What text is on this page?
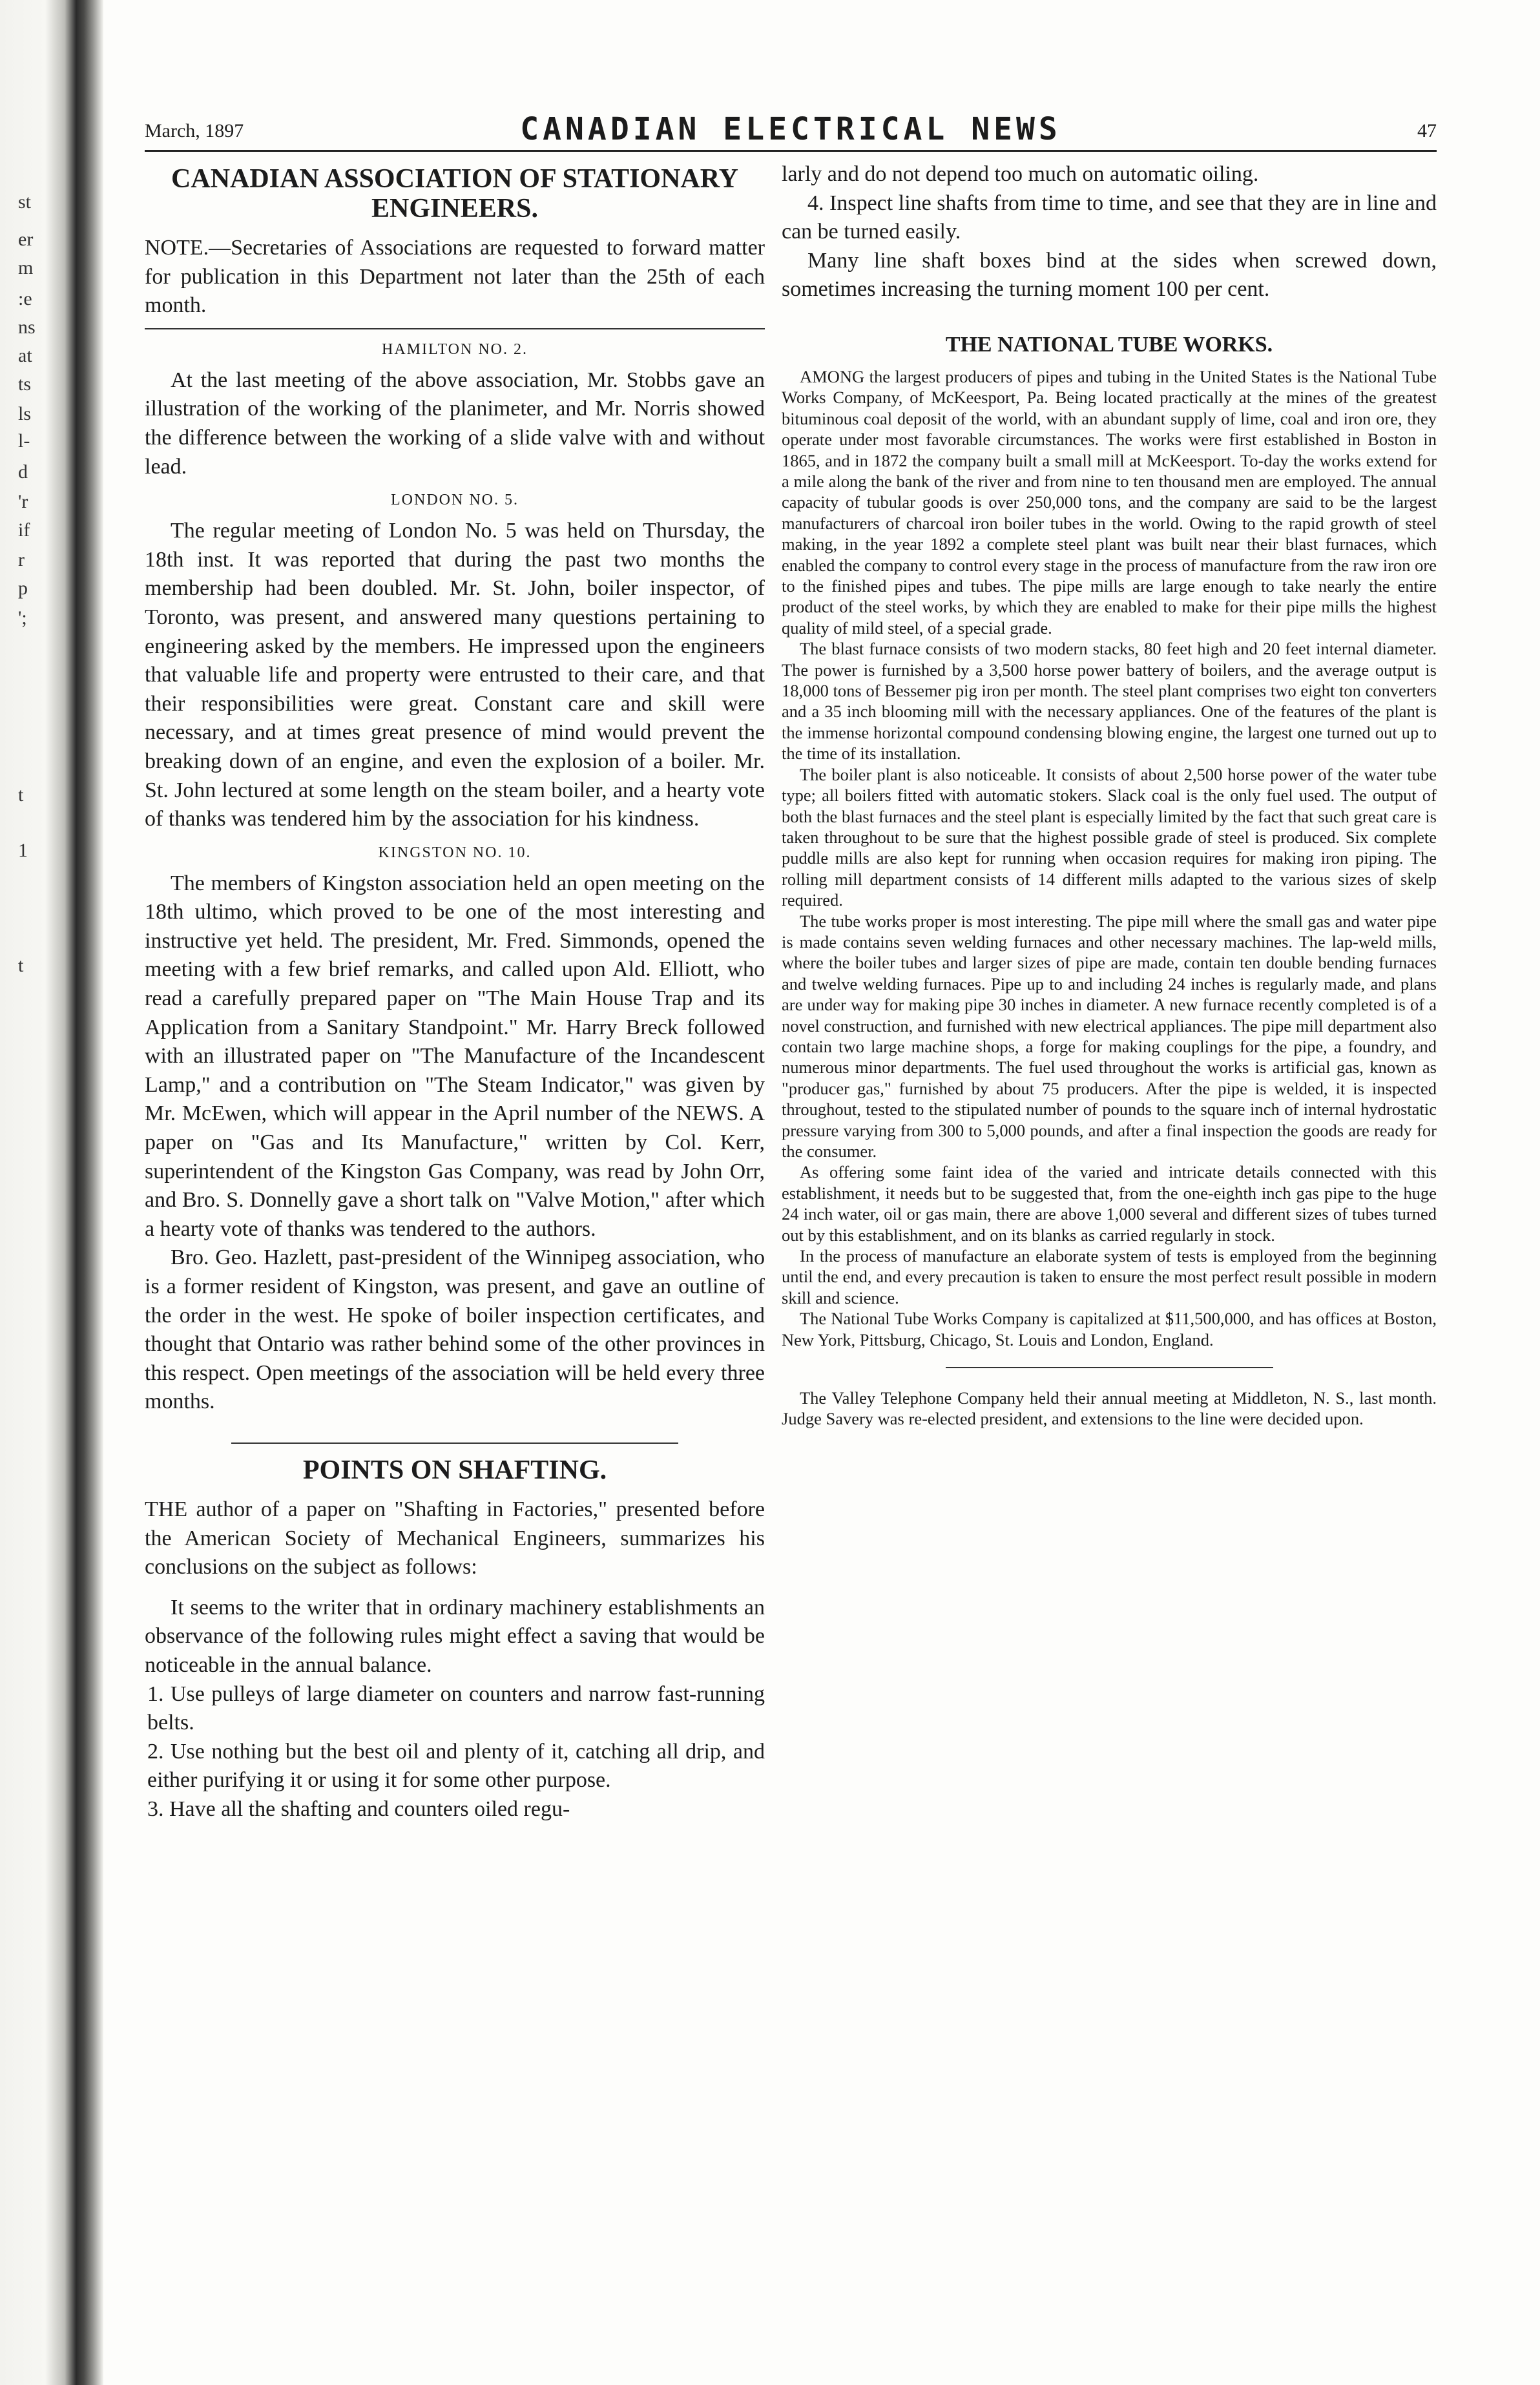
st
er
m
:e
ns
at
ts
ls
l-
d
'r
if
r
p
';
t
1
t
March, 1897	CANADIAN ELECTRICAL NEWS	47
CANADIAN ASSOCIATION OF STATIONARY ENGINEERS.

NOTE.—Secretaries of Associations are requested to forward matter for publication in this Department not later than the 25th of each month.

HAMILTON NO. 2.

At the last meeting of the above association, Mr. Stobbs gave an illustration of the working of the planimeter, and Mr. Norris showed the difference between the working of a slide valve with and without lead.

LONDON NO. 5.

The regular meeting of London No. 5 was held on Thursday, the 18th inst. It was reported that during the past two months the membership had been doubled. Mr. St. John, boiler inspector, of Toronto, was present, and answered many questions pertaining to engineering asked by the members. He impressed upon the engineers that valuable life and property were entrusted to their care, and that their responsibilities were great. Constant care and skill were necessary, and at times great presence of mind would prevent the breaking down of an engine, and even the explosion of a boiler. Mr. St. John lectured at some length on the steam boiler, and a hearty vote of thanks was tendered him by the association for his kindness.

KINGSTON NO. 10.

The members of Kingston association held an open meeting on the 18th ultimo, which proved to be one of the most interesting and instructive yet held. The president, Mr. Fred. Simmonds, opened the meeting with a few brief remarks, and called upon Ald. Elliott, who read a carefully prepared paper on "The Main House Trap and its Application from a Sanitary Standpoint." Mr. Harry Breck followed with an illustrated paper on "The Manufacture of the Incandescent Lamp," and a contribution on "The Steam Indicator," was given by Mr. McEwen, which will appear in the April number of the NEWS. A paper on "Gas and Its Manufacture," written by Col. Kerr, superintendent of the Kingston Gas Company, was read by John Orr, and Bro. S. Donnelly gave a short talk on "Valve Motion," after which a hearty vote of thanks was tendered to the authors.

Bro. Geo. Hazlett, past-president of the Winnipeg association, who is a former resident of Kingston, was present, and gave an outline of the order in the west. He spoke of boiler inspection certificates, and thought that Ontario was rather behind some of the other provinces in this respect. Open meetings of the association will be held every three months.

POINTS ON SHAFTING.

THE author of a paper on "Shafting in Factories," presented before the American Society of Mechanical Engineers, summarizes his conclusions on the subject as follows:

It seems to the writer that in ordinary machinery establishments an observance of the following rules might effect a saving that would be noticeable in the annual balance.

1. Use pulleys of large diameter on counters and narrow fast-running belts.

2. Use nothing but the best oil and plenty of it, catching all drip, and either purifying it or using it for some other purpose.

3. Have all the shafting and counters oiled regu-

larly and do not depend too much on automatic oiling.

4. Inspect line shafts from time to time, and see that they are in line and can be turned easily.

Many line shaft boxes bind at the sides when screwed down, sometimes increasing the turning moment 100 per cent.

THE NATIONAL TUBE WORKS.

AMONG the largest producers of pipes and tubing in the United States is the National Tube Works Company, of McKeesport, Pa. Being located practically at the mines of the greatest bituminous coal deposit of the world, with an abundant supply of lime, coal and iron ore, they operate under most favorable circumstances. The works were first established in Boston in 1865, and in 1872 the company built a small mill at McKeesport. To-day the works extend for a mile along the bank of the river and from nine to ten thousand men are employed. The annual capacity of tubular goods is over 250,000 tons, and the company are said to be the largest manufacturers of charcoal iron boiler tubes in the world. Owing to the rapid growth of steel making, in the year 1892 a complete steel plant was built near their blast furnaces, which enabled the company to control every stage in the process of manufacture from the raw iron ore to the finished pipes and tubes. The pipe mills are large enough to take nearly the entire product of the steel works, by which they are enabled to make for their pipe mills the highest quality of mild steel, of a special grade.

The blast furnace consists of two modern stacks, 80 feet high and 20 feet internal diameter. The power is furnished by a 3,500 horse power battery of boilers, and the average output is 18,000 tons of Bessemer pig iron per month. The steel plant comprises two eight ton converters and a 35 inch blooming mill with the necessary appliances. One of the features of the plant is the immense horizontal compound condensing blowing engine, the largest one turned out up to the time of its installation.

The boiler plant is also noticeable. It consists of about 2,500 horse power of the water tube type; all boilers fitted with automatic stokers. Slack coal is the only fuel used. The output of both the blast furnaces and the steel plant is especially limited by the fact that such great care is taken throughout to be sure that the highest possible grade of steel is produced. Six complete puddle mills are also kept for running when occasion requires for making iron piping. The rolling mill department consists of 14 different mills adapted to the various sizes of skelp required.

The tube works proper is most interesting. The pipe mill where the small gas and water pipe is made contains seven welding furnaces and other necessary machines. The lap-weld mills, where the boiler tubes and larger sizes of pipe are made, contain ten double bending furnaces and twelve welding furnaces. Pipe up to and including 24 inches is regularly made, and plans are under way for making pipe 30 inches in diameter. A new furnace recently completed is of a novel construction, and furnished with new electrical appliances. The pipe mill department also contain two large machine shops, a forge for making couplings for the pipe, a foundry, and numerous minor departments. The fuel used throughout the works is artificial gas, known as "producer gas," furnished by about 75 producers. After the pipe is welded, it is inspected throughout, tested to the stipulated number of pounds to the square inch of internal hydrostatic pressure varying from 300 to 5,000 pounds, and after a final inspection the goods are ready for the consumer.

As offering some faint idea of the varied and intricate details connected with this establishment, it needs but to be suggested that, from the one-eighth inch gas pipe to the huge 24 inch water, oil or gas main, there are above 1,000 several and different sizes of tubes turned out by this establishment, and on its blanks as carried regularly in stock.

In the process of manufacture an elaborate system of tests is employed from the beginning until the end, and every precaution is taken to ensure the most perfect result possible in modern skill and science.

The National Tube Works Company is capitalized at $11,500,000, and has offices at Boston, New York, Pittsburg, Chicago, St. Louis and London, England.

The Valley Telephone Company held their annual meeting at Middleton, N. S., last month. Judge Savery was re-elected president, and extensions to the line were decided upon.
